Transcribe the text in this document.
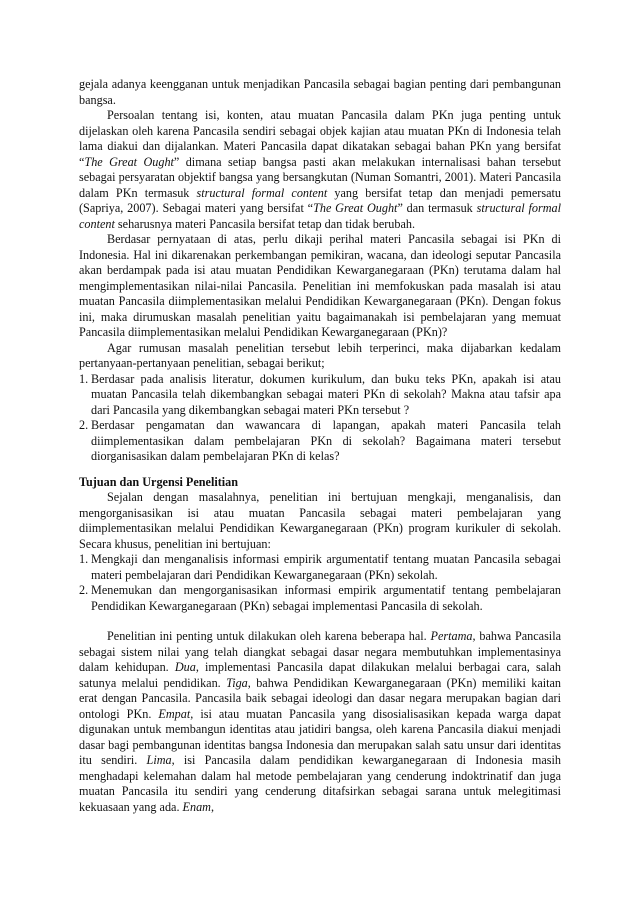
gejala adanya keengganan untuk menjadikan Pancasila sebagai bagian penting dari pembangunan bangsa.

Persoalan tentang isi, konten, atau muatan Pancasila dalam PKn juga penting untuk dijelaskan oleh karena Pancasila sendiri sebagai objek kajian atau muatan PKn di Indonesia telah lama diakui dan dijalankan. Materi Pancasila dapat dikatakan sebagai bahan PKn yang bersifat “The Great Ought” dimana setiap bangsa pasti akan melakukan internalisasi bahan tersebut sebagai persyaratan objektif bangsa yang bersangkutan (Numan Somantri, 2001). Materi Pancasila dalam PKn termasuk structural formal content yang bersifat tetap dan menjadi pemersatu (Sapriya, 2007). Sebagai materi yang bersifat “The Great Ought” dan termasuk structural formal content seharusnya materi Pancasila bersifat tetap dan tidak berubah.

Berdasar pernyataan di atas, perlu dikaji perihal materi Pancasila sebagai isi PKn di Indonesia. Hal ini dikarenakan perkembangan pemikiran, wacana, dan ideologi seputar Pancasila akan berdampak pada isi atau muatan Pendidikan Kewarganegaraan (PKn) terutama dalam hal mengimplementasikan nilai-nilai Pancasila. Penelitian ini memfokuskan pada masalah isi atau muatan Pancasila diimplementasikan melalui Pendidikan Kewarganegaraan (PKn). Dengan fokus ini, maka dirumuskan masalah penelitian yaitu bagaimanakah isi pembelajaran yang memuat Pancasila diimplementasikan melalui Pendidikan Kewarganegaraan (PKn)?

Agar rumusan masalah penelitian tersebut lebih terperinci, maka dijabarkan kedalam pertanyaan-pertanyaan penelitian, sebagai berikut;

1. Berdasar pada analisis literatur, dokumen kurikulum, dan buku teks PKn, apakah isi atau muatan Pancasila telah dikembangkan sebagai materi PKn di sekolah? Makna atau tafsir apa dari Pancasila yang dikembangkan sebagai materi PKn tersebut ?
2. Berdasar pengamatan dan wawancara di lapangan, apakah materi Pancasila telah diimplementasikan dalam pembelajaran PKn di sekolah? Bagaimana materi tersebut diorganisasikan dalam pembelajaran PKn di kelas?

Tujuan dan Urgensi Penelitian

Sejalan dengan masalahnya, penelitian ini bertujuan mengkaji, menganalisis, dan mengorganisasikan isi atau muatan Pancasila sebagai materi pembelajaran yang diimplementasikan melalui Pendidikan Kewarganegaraan (PKn) program kurikuler di sekolah. Secara khusus, penelitian ini bertujuan:

1. Mengkaji dan menganalisis informasi empirik argumentatif tentang muatan Pancasila sebagai materi pembelajaran dari Pendidikan Kewarganegaraan (PKn) sekolah.
2. Menemukan dan mengorganisasikan informasi empirik argumentatif tentang pembelajaran Pendidikan Kewarganegaraan (PKn) sebagai implementasi Pancasila di sekolah.

Penelitian ini penting untuk dilakukan oleh karena beberapa hal. Pertama, bahwa Pancasila sebagai sistem nilai yang telah diangkat sebagai dasar negara membutuhkan implementasinya dalam kehidupan. Dua, implementasi Pancasila dapat dilakukan melalui berbagai cara, salah satunya melalui pendidikan. Tiga, bahwa Pendidikan Kewarganegaraan (PKn) memiliki kaitan erat dengan Pancasila. Pancasila baik sebagai ideologi dan dasar negara merupakan bagian dari ontologi PKn. Empat, isi atau muatan Pancasila yang disosialisasikan kepada warga dapat digunakan untuk membangun identitas atau jatidiri bangsa, oleh karena Pancasila diakui menjadi dasar bagi pembangunan identitas bangsa Indonesia dan merupakan salah satu unsur dari identitas itu sendiri. Lima, isi Pancasila dalam pendidikan kewarganegaraan di Indonesia masih menghadapi kelemahan dalam hal metode pembelajaran yang cenderung indoktrinatif dan juga muatan Pancasila itu sendiri yang cenderung ditafsirkan sebagai sarana untuk melegitimasi kekuasaan yang ada. Enam,
